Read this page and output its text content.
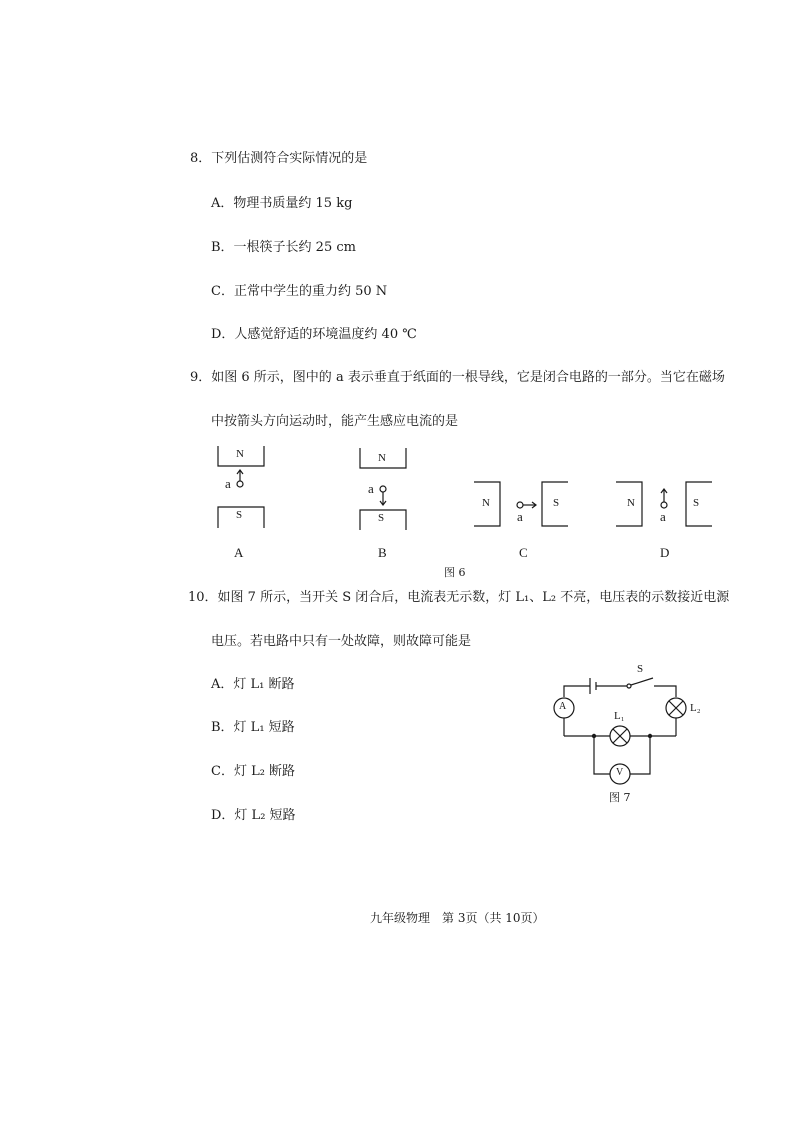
8．下列估测符合实际情况的是
A．物理书质量约 15 kg
B．一根筷子长约 25 cm
C．正常中学生的重力约 50 N
D．人感觉舒适的环境温度约 40 ℃
9．如图 6 所示，图中的 a 表示垂直于纸面的一根导线，它是闭合电路的一部分。当它在磁场
中按箭头方向运动时，能产生感应电流的是
N
S
a
N
S
a
N	S
a
N	S
a
A	B	C	D
图 6
10．如图 7 所示，当开关 S 闭合后，电流表无示数，灯 L₁、L₂ 不亮，电压表的示数接近电源
电压。若电路中只有一处故障，则故障可能是
A．灯 L₁ 断路
B．灯 L₁ 短路
C．灯 L₂ 断路
D．灯 L₂ 短路
A
V
S
L₁
L₂
图 7
九年级物理　第 3页（共 10页）
